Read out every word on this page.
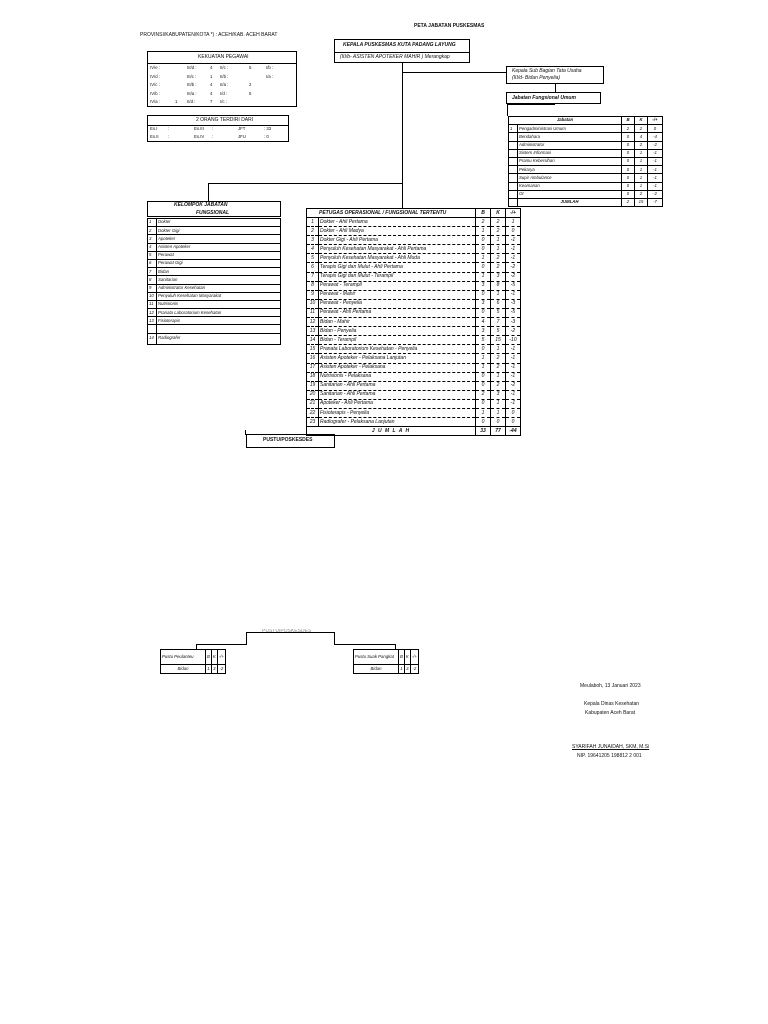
PETA JABATAN PUSKESMAS
PROVINSI/KABUPATEN/KOTA *) : ACEH/KAB. ACEH BARAT
KEPALA PUSKESMAS KUTA PADANG LAYUNG
(III/b- ASISTEN APOTEKER MAHIR ) Merangkap
Kepala Sub Bagian Tata Usaha
(III/d- Bidan Penyelia)
Jabatan Fungsional Umum
KEKUATAN PEGAWAI
IV/e :	III/d :	4 II/c :	5	I/b :
IV/d :	III/c :	1 II/b :	I/a :
IV/c :	III/b :	4 II/a :	2
IV/b :	III/a :	4 I/d :	5
IV/a :	1 II/d :	7 I/c :
2 ORANG TERDIRI DARI
Es.I :	Es.III :	JFT	: 33
Es.II :	Es.IV :	JFU	: 0
Jabatan		B	K	-/+
1	Pengadministrasi Umum	2	2	0
	Bendahara	0	4	-4
	Administrator	0	2	-2
	Sistem Informasi	0	1	-1
	Pramu Kebersihan	0	1	-1
	Pekarya	0	1	-1
	Supir Ambulance	0	1	-1
	Keamanan	0	1	-1
	Ot	0	2	-2
	JUMLAH	2	15	-7
KELOMPOK JABATAN
FUNGSIONAL
1	Dokter
2	Dokter Gigi
3	Apoteker
4	Asisten Apoteker
5	Perawat
6	Perawat Gigi
7	Bidan
8	Sanitarian
9	Administrator Kesehatan
10	Penyuluh Kesehatan Masyarakat
11	Nutrisionis
12	Pranata Laboratorium Kesehatan
13	Fisioterapis

14	Radiografer
PETUGAS OPERASIONAL / FUNGSIONAL TERTENTU		B	K	-/+
1	Dokter - Ahli Pertama	2	2	1
2	Dokter - Ahli Madya	1	2	0
3	Dokter Gigi - Ahli Pertama	0	1	-1
4	Penyuluh Kesehatan Masyarakat - Ahli Pertama	0	1	-1
5	Penyuluh Kesehatan Masyarakat - Ahli Muda	1	2	-1
6	Terapis Gigi dan Mulut - Ahli Pertama	0	2	-2
7	Terapis Gigi dan Mulut - Terampil	1	3	-2
8	Perawat - Terampil	3	8	-5
9	Perawat - Mahir	0	1	-1
10	Perawat - Penyelia	3	6	-3
11	Perawat - Ahli Pertama	0	5	-5
12	Bidan - Mahir	4	7	-3
13	Bidan - Penyelia	3	5	-2
14	Bidan - Terampil	5	15	-10
15	Pranata Laboratorium Kesehatan - Penyelia	0	1	-1
16	Asisten Apoteker - Pelaksana Lanjutan	1	2	-1
17	Asisten Apoteker - Pelaksana	1	2	-1
18	Nutrisionis - Pelaksana	0	1	-1
19	Sanitarian - Ahli Pertama	0	2	-2
20	Sanitarian - Ahli Pertama	2	3	-1
21	Apoteker - Ahli Pertama	0	1	-1
22	Fisioterapis - Penyelia	1	1	0
23	Radiografer - Pelaksana Lanjutan	0	0	0
J U M L A H		33	77	-44
PUSTU/POSKESDES
PUSTU/POSKESDES
Pustu Peulanteu	B	K	-/+
Bidan	1	3	-2
Pustu Suak Pangkat	B	K	-/+
Bidan	1	3	-2
Meulaboh, 13 Januari 2023
Kepala Dinas Kesehatan
Kabupaten Aceh Barat
SYARIFAH JUNAIDAH, SKM, M.Si
NIP. 19641205 198812 2 001
